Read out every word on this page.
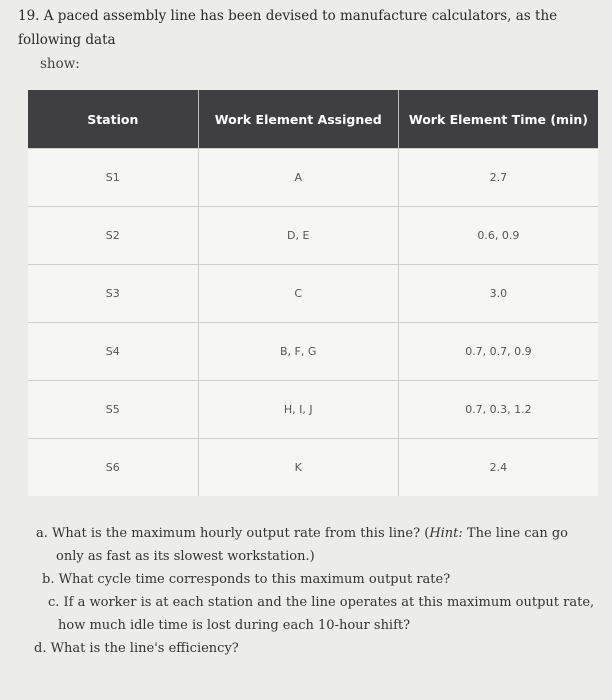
19. A paced assembly line has been devised to manufacture calculators, as the following data
show:
Station	Work Element Assigned	Work Element Time (min)
S1	A	2.7
S2	D, E	0.6, 0.9
S3	C	3.0
S4	B, F, G	0.7, 0.7, 0.9
S5	H, I, J	0.7, 0.3, 1.2
S6	K	2.4
a. What is the maximum hourly output rate from this line? (Hint: The line can go
only as fast as its slowest workstation.)
b. What cycle time corresponds to this maximum output rate?
c. If a worker is at each station and the line operates at this maximum output rate,
how much idle time is lost during each 10-hour shift?
d. What is the line's efficiency?
